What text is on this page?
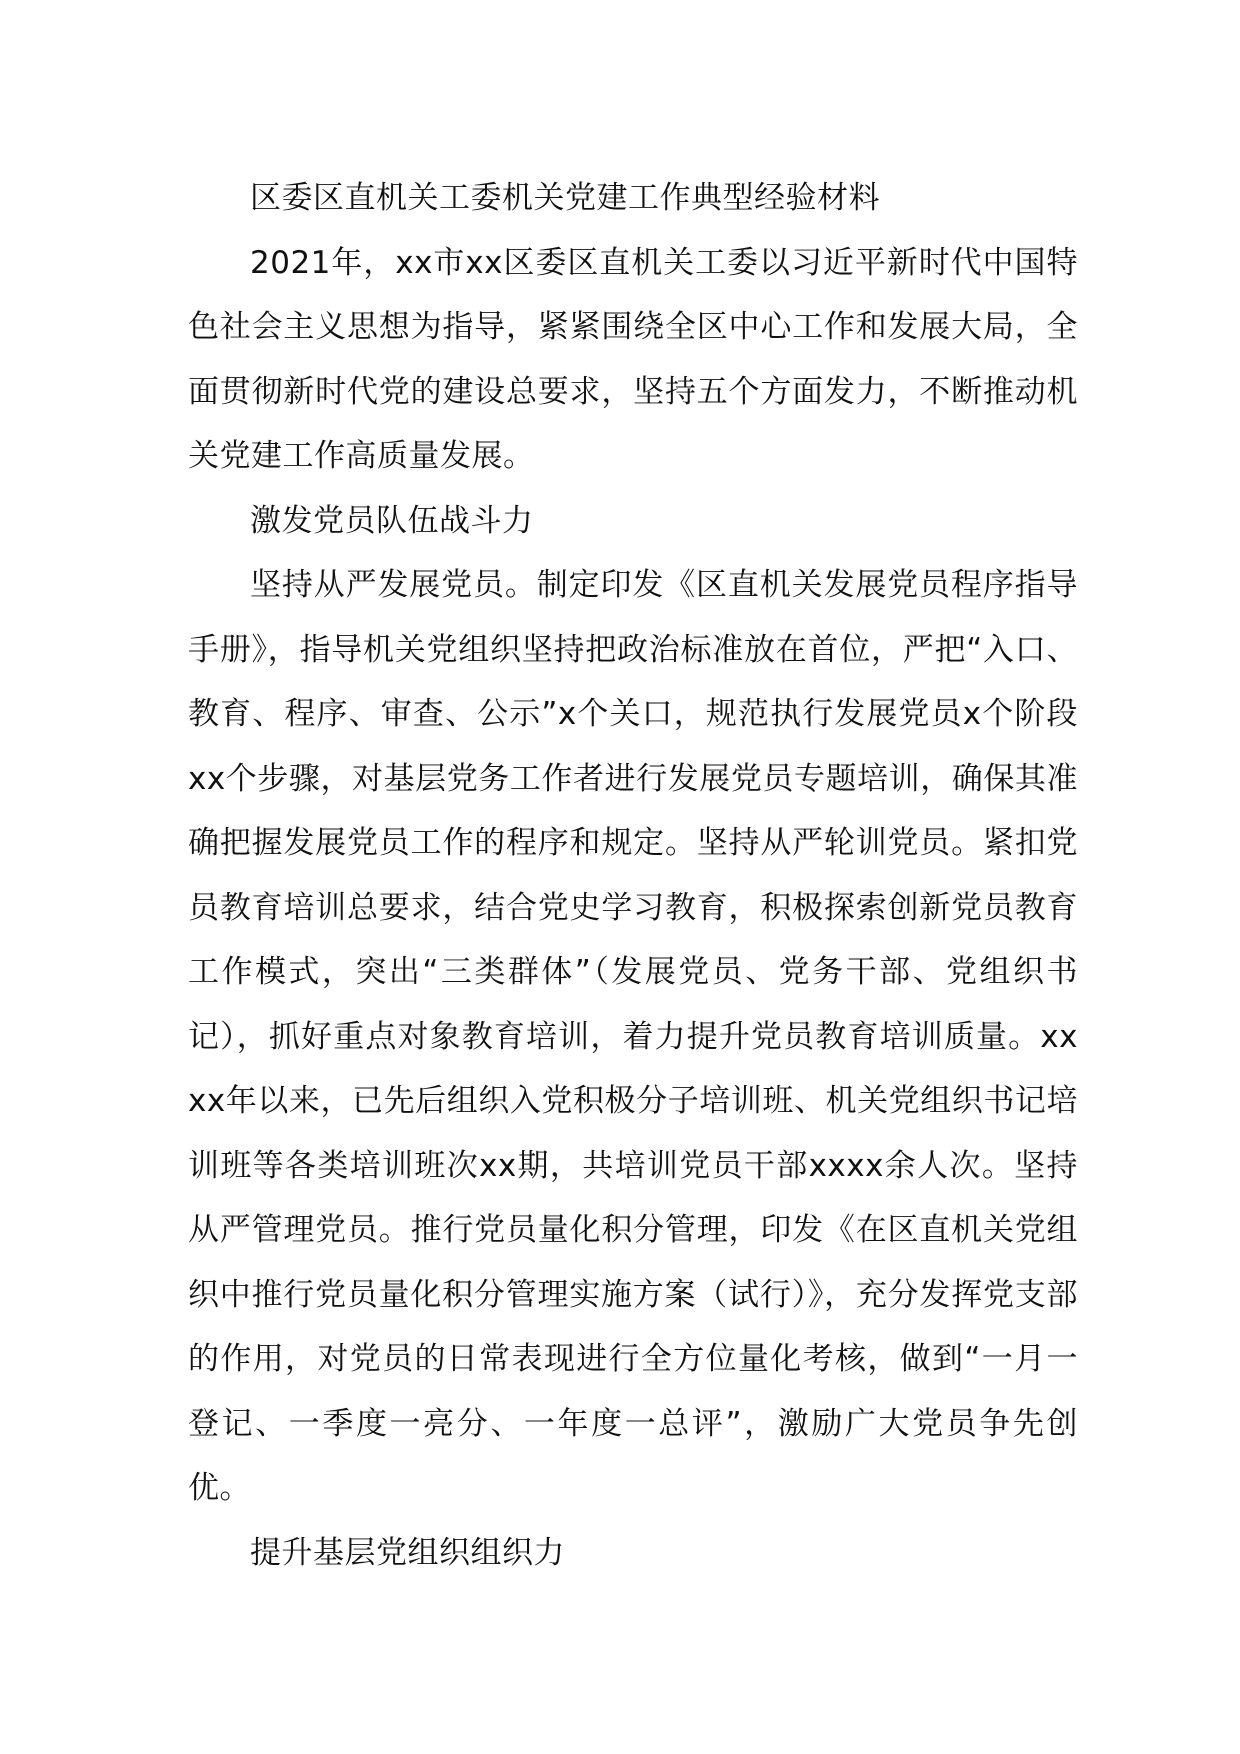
区委区直机关工委机关党建工作典型经验材料

2021年，xx市xx区委区直机关工委以习近平新时代中国特色社会主义思想为指导，紧紧围绕全区中心工作和发展大局，全面贯彻新时代党的建设总要求，坚持五个方面发力，不断推动机关党建工作高质量发展。

激发党员队伍战斗力

坚持从严发展党员。制定印发《区直机关发展党员程序指导手册》，指导机关党组织坚持把政治标准放在首位，严把“入口、教育、程序、审查、公示”x个关口，规范执行发展党员x个阶段xx个步骤，对基层党务工作者进行发展党员专题培训，确保其准确把握发展党员工作的程序和规定。坚持从严轮训党员。紧扣党员教育培训总要求，结合党史学习教育，积极探索创新党员教育工作模式，突出“三类群体”（发展党员、党务干部、党组织书记），抓好重点对象教育培训，着力提升党员教育培训质量。xxxx年以来，已先后组织入党积极分子培训班、机关党组织书记培训班等各类培训班次xx期，共培训党员干部xxxx余人次。坚持从严管理党员。推行党员量化积分管理，印发《在区直机关党组织中推行党员量化积分管理实施方案（试行）》，充分发挥党支部的作用，对党员的日常表现进行全方位量化考核，做到“一月一登记、一季度一亮分、一年度一总评”，激励广大党员争先创优。

提升基层党组织组织力
